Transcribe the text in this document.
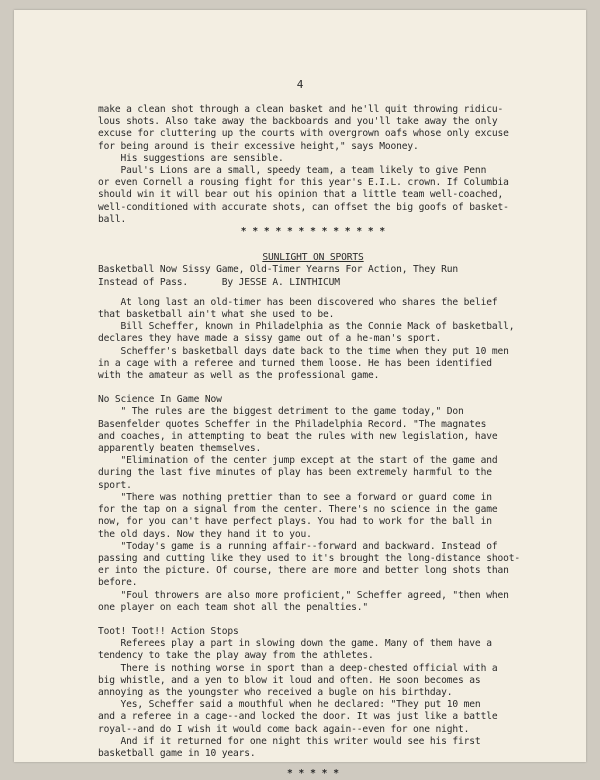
4
make a clean shot through a clean basket and he'll quit throwing ridicu-
lous shots. Also take away the backboards and you'll take away the only
excuse for cluttering up the courts with overgrown oafs whose only excuse
for being around is their excessive height," says Mooney.
His suggestions are sensible.
Paul's Lions are a small, speedy team, a team likely to give Penn
or even Cornell a rousing fight for this year's E.I.L. crown. If Columbia
should win it will bear out his opinion that a little team well-coached,
well-conditioned with accurate shots, can offset the big goofs of basket-
ball.
* * * * * * * * * * * * *
SUNLIGHT ON SPORTS
Basketball Now Sissy Game, Old-Timer Yearns For Action, They Run
Instead of Pass.      By JESSE A. LINTHICUM
At long last an old-timer has been discovered who shares the belief
that basketball ain't what she used to be.
Bill Scheffer, known in Philadelphia as the Connie Mack of basketball,
declares they have made a sissy game out of a he-man's sport.
Scheffer's basketball days date back to the time when they put 10 men
in a cage with a referee and turned them loose. He has been identified
with the amateur as well as the professional game.
No Science In Game Now
" The rules are the biggest detriment to the game today," Don
Basenfelder quotes Scheffer in the Philadelphia Record. "The magnates
and coaches, in attempting to beat the rules with new legislation, have
apparently beaten themselves.
"Elimination of the center jump except at the start of the game and
during the last five minutes of play has been extremely harmful to the
sport.
"There was nothing prettier than to see a forward or guard come in
for the tap on a signal from the center. There's no science in the game
now, for you can't have perfect plays. You had to work for the ball in
the old days. Now they hand it to you.
"Today's game is a running affair--forward and backward. Instead of
passing and cutting like they used to it's brought the long-distance shoot-
er into the picture. Of course, there are more and better long shots than
before.
"Foul throwers are also more proficient," Scheffer agreed, "then when
one player on each team shot all the penalties."
Toot! Toot!! Action Stops
Referees play a part in slowing down the game. Many of them have a
tendency to take the play away from the athletes.
There is nothing worse in sport than a deep-chested official with a
big whistle, and a yen to blow it loud and often. He soon becomes as
annoying as the youngster who received a bugle on his birthday.
Yes, Scheffer said a mouthful when he declared: "They put 10 men
and a referee in a cage--and locked the door. It was just like a battle
royal--and do I wish it would come back again--even for one night.
And if it returned for one night this writer would see his first
basketball game in 10 years.
* * * * *
